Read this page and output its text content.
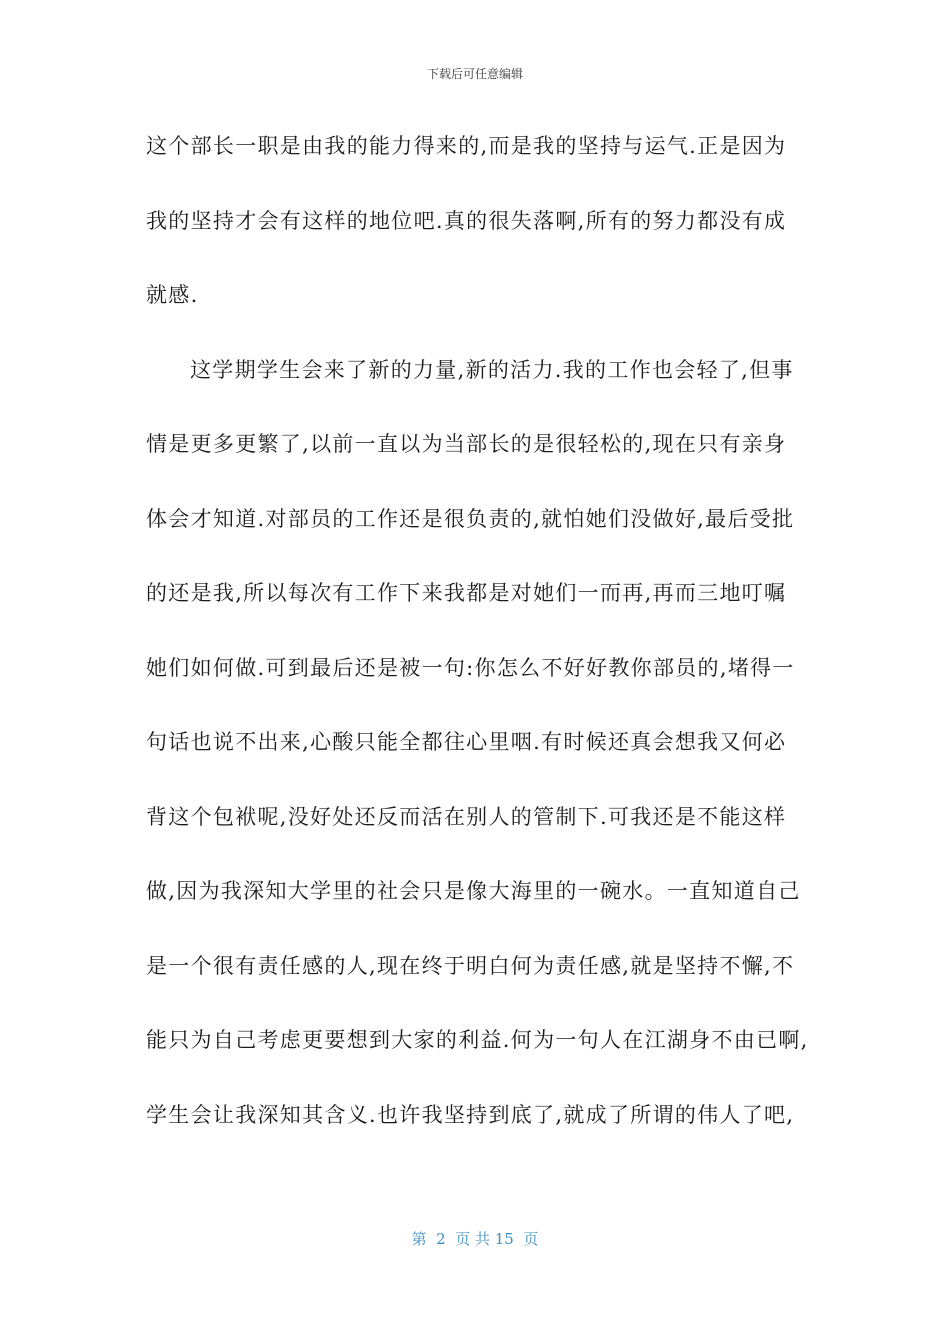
下载后可任意编辑
这个部长一职是由我的能力得来的,而是我的坚持与运气.正是因为
我的坚持才会有这样的地位吧.真的很失落啊,所有的努力都没有成
就感.
这学期学生会来了新的力量,新的活力.我的工作也会轻了,但事
情是更多更繁了,以前一直以为当部长的是很轻松的,现在只有亲身
体会才知道.对部员的工作还是很负责的,就怕她们没做好,最后受批
的还是我,所以每次有工作下来我都是对她们一而再,再而三地叮嘱
她们如何做.可到最后还是被一句:你怎么不好好教你部员的,堵得一
句话也说不出来,心酸只能全都往心里咽.有时候还真会想我又何必
背这个包袱呢,没好处还反而活在别人的管制下.可我还是不能这样
做,因为我深知大学里的社会只是像大海里的一碗水。一直知道自己
是一个很有责任感的人,现在终于明白何为责任感,就是坚持不懈,不
能只为自己考虑更要想到大家的利益.何为一句人在江湖身不由已啊,
学生会让我深知其含义.也许我坚持到底了,就成了所谓的伟人了吧,
第  2  页 共 15  页
